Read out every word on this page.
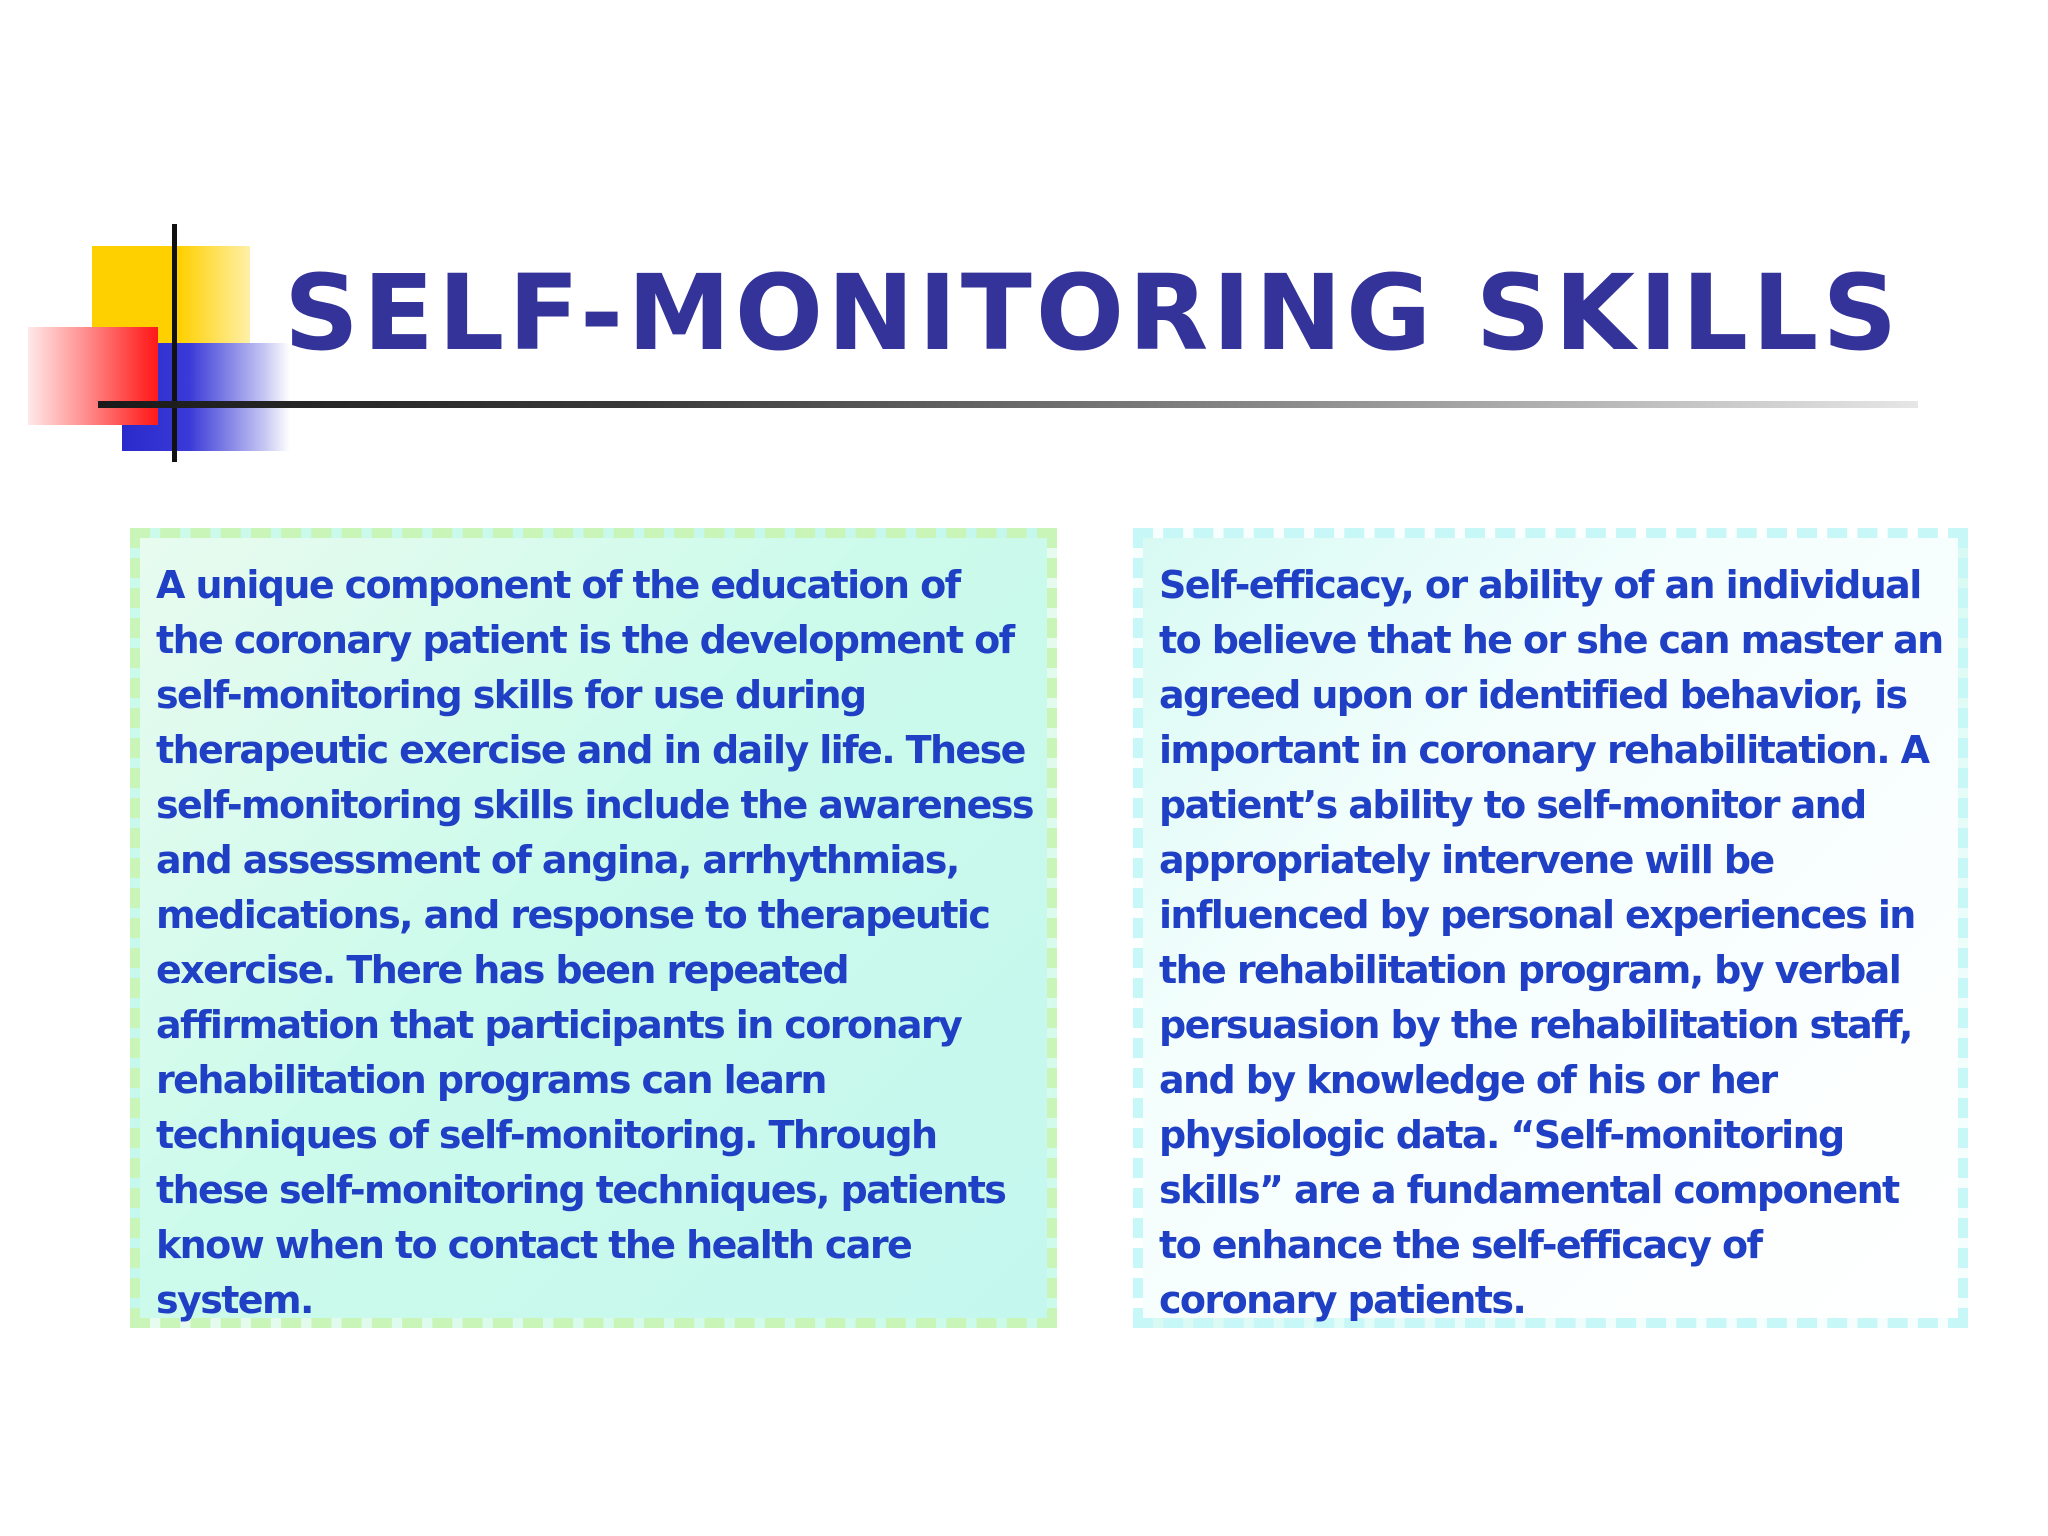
SELF-MONITORING SKILLS

A unique component of the education of the coronary patient is the development of self-monitoring skills for use during therapeutic exercise and in daily life. These self-monitoring skills include the awareness and assessment of angina, arrhythmias, medications, and response to therapeutic exercise. There has been repeated affirmation that participants in coronary rehabilitation programs can learn techniques of self-monitoring. Through these self-monitoring techniques, patients know when to contact the health care system.

Self-efficacy, or ability of an individual to believe that he or she can master an agreed upon or identified behavior, is important in coronary rehabilitation. A patient’s ability to self-monitor and appropriately intervene will be influenced by personal experiences in the rehabilitation program, by verbal persuasion by the rehabilitation staff, and by knowledge of his or her physiologic data. “Self-monitoring skills” are a fundamental component to enhance the self-efficacy of coronary patients.
